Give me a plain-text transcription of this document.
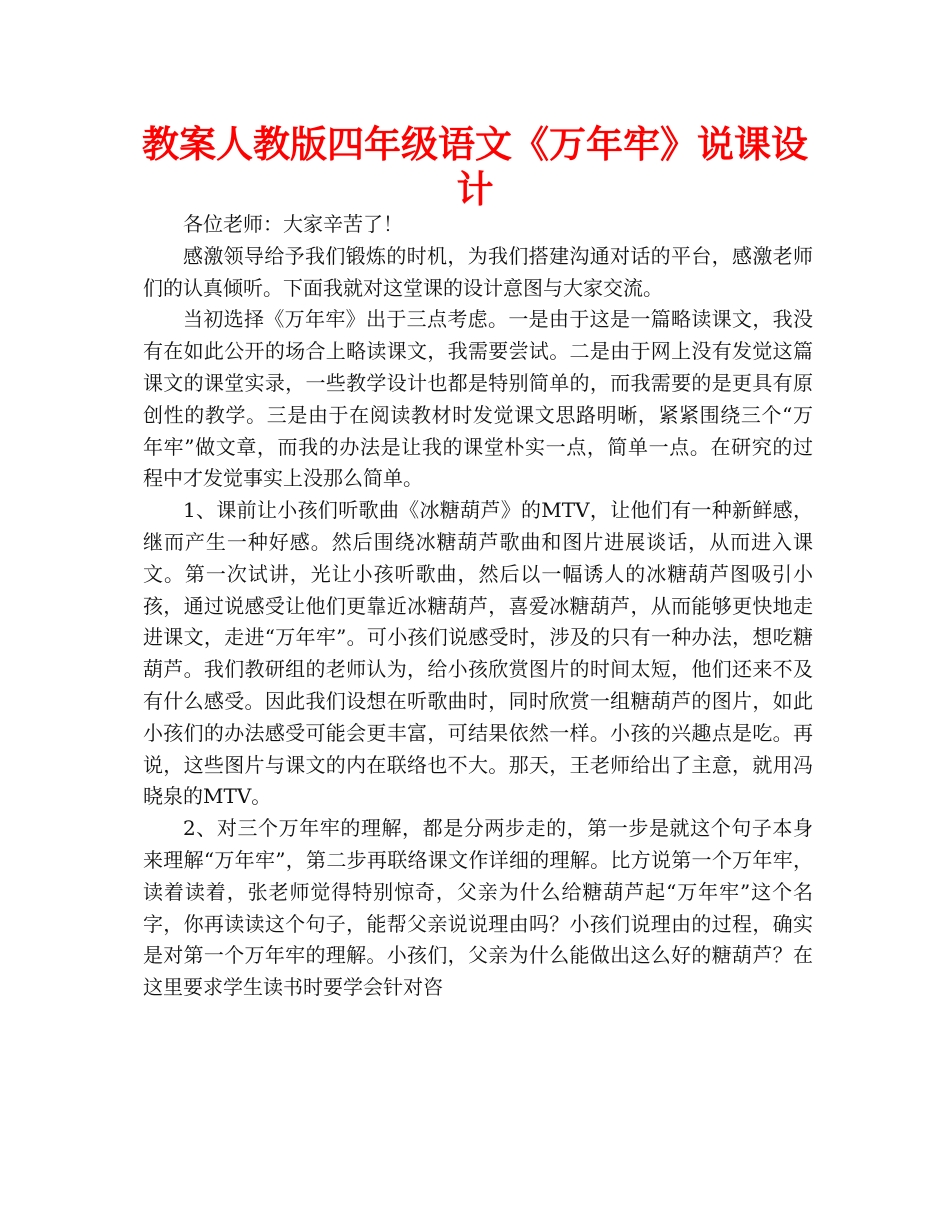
教案人教版四年级语文《万年牢》说课设计

各位老师：大家辛苦了！

感激领导给予我们锻炼的时机，为我们搭建沟通对话的平台，感激老师们的认真倾听。下面我就对这堂课的设计意图与大家交流。

当初选择《万年牢》出于三点考虑。一是由于这是一篇略读课文，我没有在如此公开的场合上略读课文，我需要尝试。二是由于网上没有发觉这篇课文的课堂实录，一些教学设计也都是特别简单的，而我需要的是更具有原创性的教学。三是由于在阅读教材时发觉课文思路明晰，紧紧围绕三个“万年牢”做文章，而我的办法是让我的课堂朴实一点，简单一点。在研究的过程中才发觉事实上没那么简单。

1、课前让小孩们听歌曲《冰糖葫芦》的MTV，让他们有一种新鲜感，继而产生一种好感。然后围绕冰糖葫芦歌曲和图片进展谈话，从而进入课文。第一次试讲，光让小孩听歌曲，然后以一幅诱人的冰糖葫芦图吸引小孩，通过说感受让他们更靠近冰糖葫芦，喜爱冰糖葫芦，从而能够更快地走进课文，走进“万年牢”。可小孩们说感受时，涉及的只有一种办法，想吃糖葫芦。我们教研组的老师认为，给小孩欣赏图片的时间太短，他们还来不及有什么感受。因此我们设想在听歌曲时，同时欣赏一组糖葫芦的图片，如此小孩们的办法感受可能会更丰富，可结果依然一样。小孩的兴趣点是吃。再说，这些图片与课文的内在联络也不大。那天，王老师给出了主意，就用冯晓泉的MTV。

2、对三个万年牢的理解，都是分两步走的，第一步是就这个句子本身来理解“万年牢”，第二步再联络课文作详细的理解。比方说第一个万年牢，读着读着，张老师觉得特别惊奇，父亲为什么给糖葫芦起“万年牢”这个名字，你再读读这个句子，能帮父亲说说理由吗？小孩们说理由的过程，确实是对第一个万年牢的理解。小孩们，父亲为什么能做出这么好的糖葫芦？在这里要求学生读书时要学会针对咨
